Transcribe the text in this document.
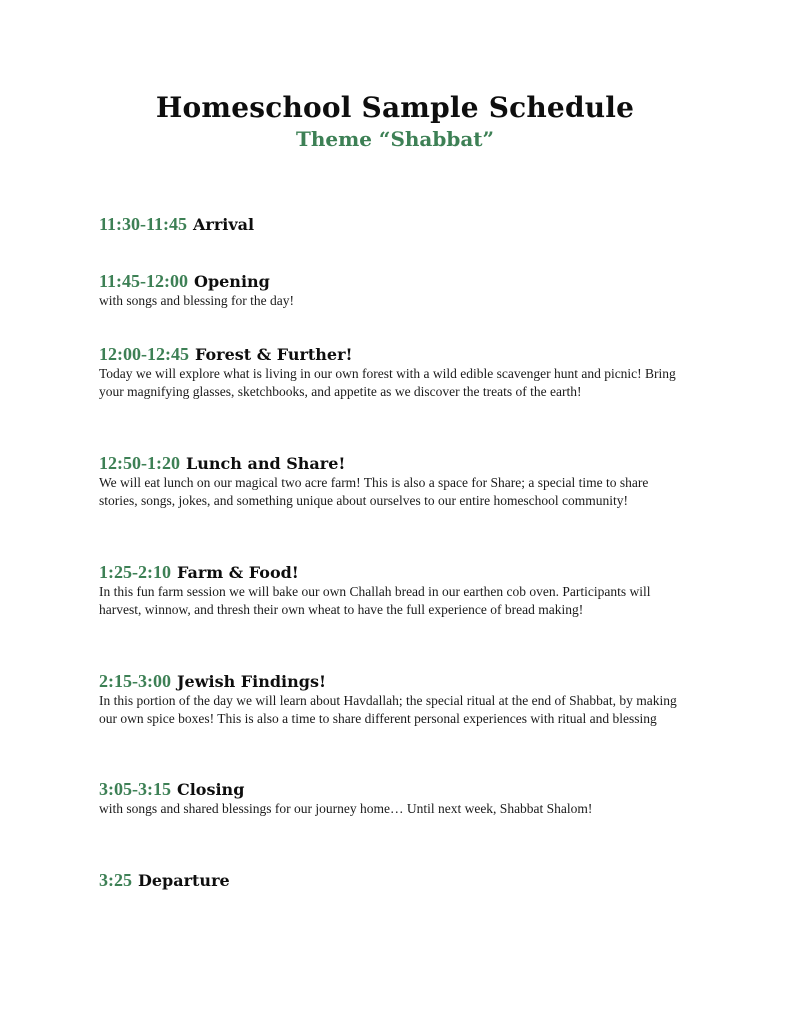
Homeschool Sample Schedule
Theme “Shabbat”
11:30-11:45 Arrival
11:45-12:00 Opening

with songs and blessing for the day!

12:00-12:45 Forest & Further!

Today we will explore what is living in our own forest with a wild edible scavenger hunt and picnic! Bring your magnifying glasses, sketchbooks, and appetite as we discover the treats of the earth!

12:50-1:20 Lunch and Share!

We will eat lunch on our magical two acre farm! This is also a space for Share; a special time to share stories, songs, jokes, and something unique about ourselves to our entire homeschool community!

1:25-2:10 Farm & Food!

In this fun farm session we will bake our own Challah bread in our earthen cob oven. Participants will harvest, winnow, and thresh their own wheat to have the full experience of bread making!

2:15-3:00 Jewish Findings!

In this portion of the day we will learn about Havdallah; the special ritual at the end of Shabbat, by making our own spice boxes! This is also a time to share different personal experiences with ritual and blessing

3:05-3:15 Closing

with songs and shared blessings for our journey home… Until next week, Shabbat Shalom!

3:25 Departure
